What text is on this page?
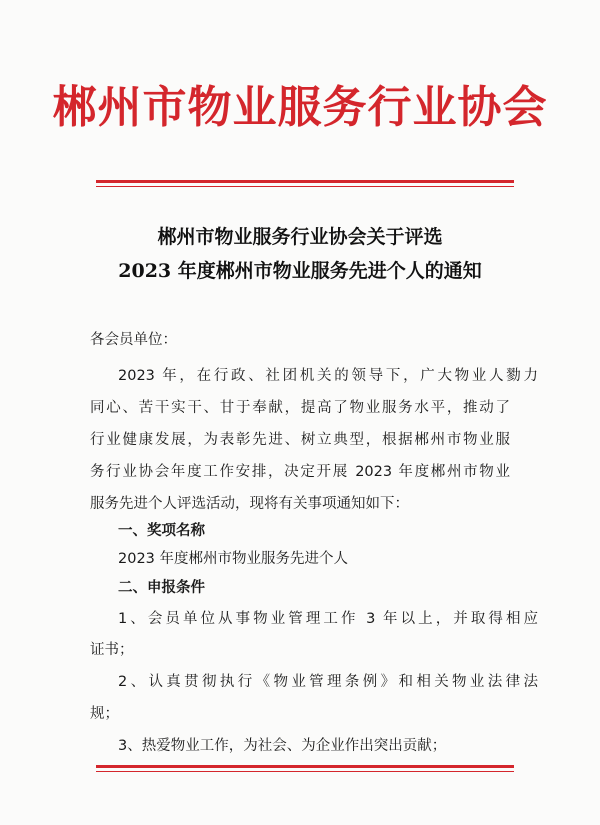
郴州市物业服务行业协会
郴州市物业服务行业协会关于评选
2023 年度郴州市物业服务先进个人的通知
各会员单位：
2023 年，在行政、社团机关的领导下，广大物业人勠力
同心、苦干实干、甘于奉献，提高了物业服务水平，推动了
行业健康发展，为表彰先进、树立典型，根据郴州市物业服
务行业协会年度工作安排，决定开展 2023 年度郴州市物业
服务先进个人评选活动，现将有关事项通知如下：
一、奖项名称
2023 年度郴州市物业服务先进个人
二、申报条件
1、会员单位从事物业管理工作 3 年以上，并取得相应
证书；
2、认真贯彻执行《物业管理条例》和相关物业法律法
规；
3、热爱物业工作，为社会、为企业作出突出贡献；
